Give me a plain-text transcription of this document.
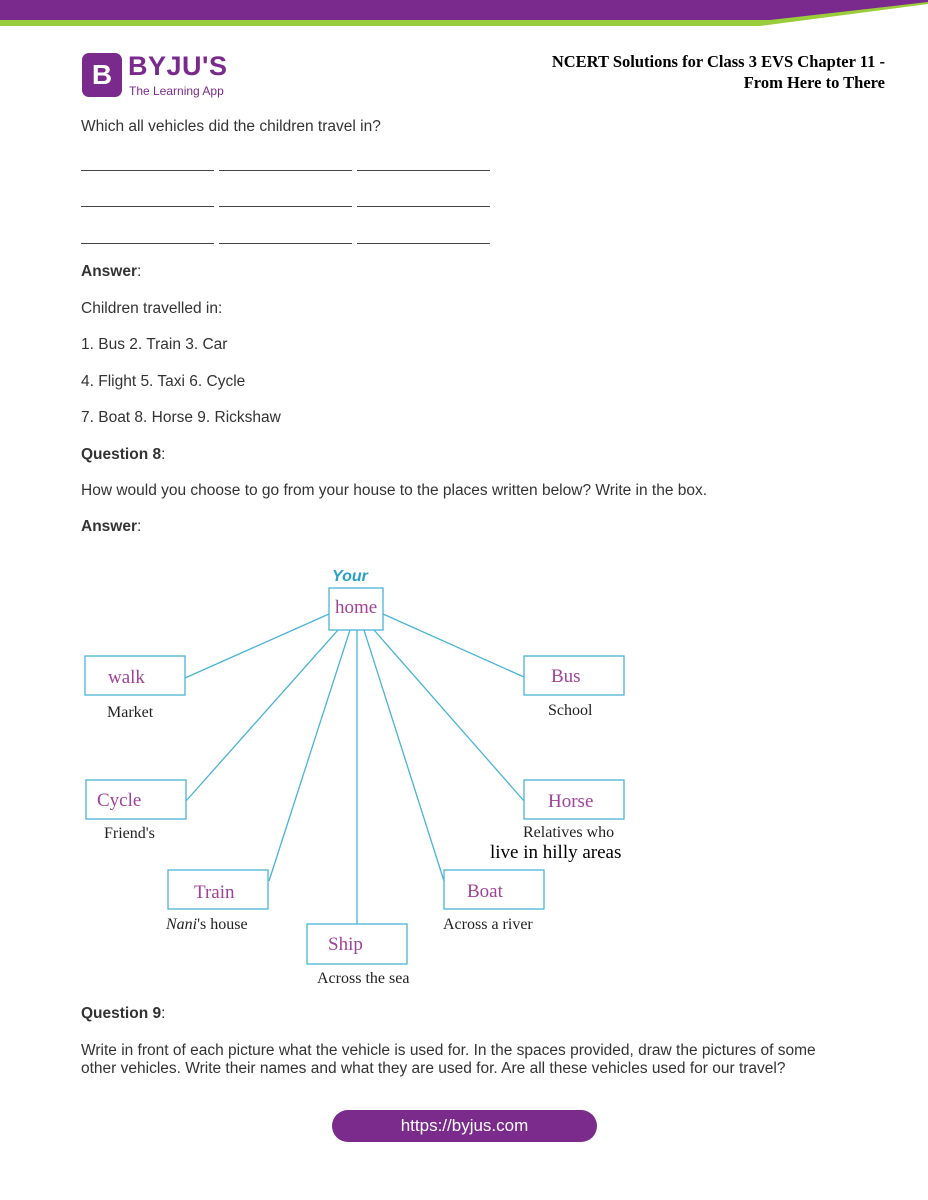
B BYJU'S
The Learning App
NCERT Solutions for Class 3 EVS Chapter 11 -
From Here to There
Which all vehicles did the children travel in?
Answer:
Children travelled in:
1. Bus 2. Train 3. Car
4. Flight 5. Taxi 6. Cycle
7. Boat 8. Horse 9. Rickshaw
Question 8:
How would you choose to go from your house to the places written below? Write in the box.
Answer:
Your
home
walk	Bus
Cycle	Horse
Train	Boat
Ship
Market	School
Friend's	Relatives who
live in hilly areas
Across a river
Across the sea
Nani's house
Question 9:
Write in front of each picture what the vehicle is used for. In the spaces provided, draw the pictures of some
other vehicles. Write their names and what they are used for. Are all these vehicles used for our travel?
https://byjus.com
